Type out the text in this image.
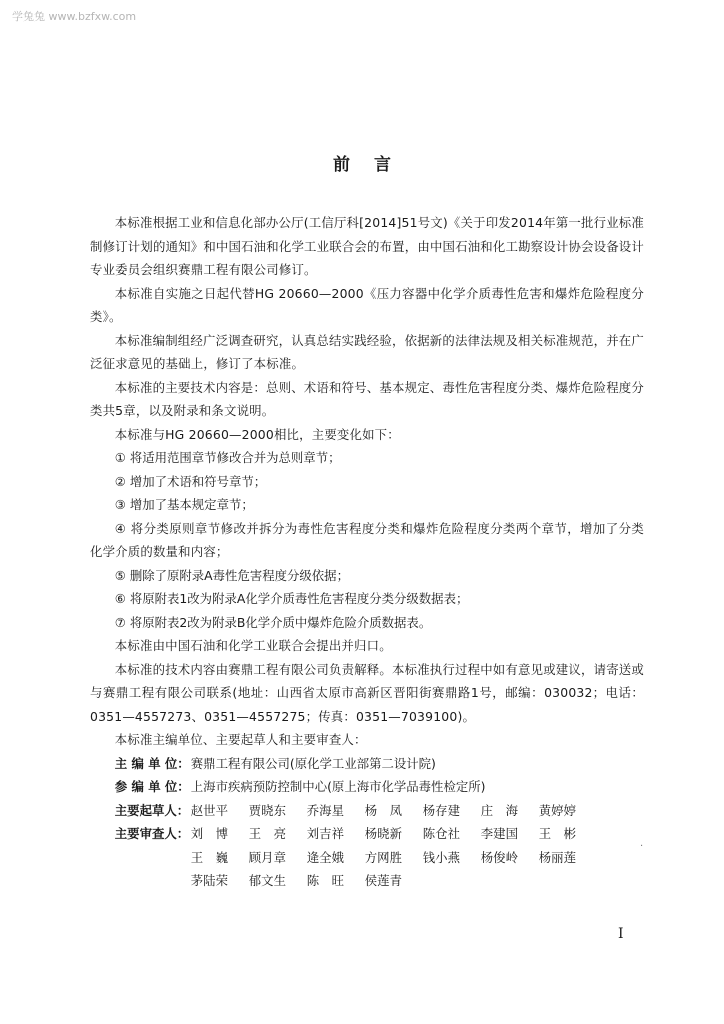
学兔兔 www.bzfxw.com
前言

本标准根据工业和信息化部办公厅(工信厅科[2014]51号文)《关于印发2014年第一批行业标准制修订计划的通知》和中国石油和化学工业联合会的布置，由中国石油和化工勘察设计协会设备设计专业委员会组织赛鼎工程有限公司修订。

本标准自实施之日起代替HG 20660—2000《压力容器中化学介质毒性危害和爆炸危险程度分类》。

本标准编制组经广泛调查研究，认真总结实践经验，依据新的法律法规及相关标准规范，并在广泛征求意见的基础上，修订了本标准。

本标准的主要技术内容是：总则、术语和符号、基本规定、毒性危害程度分类、爆炸危险程度分类共5章，以及附录和条文说明。

本标准与HG 20660—2000相比，主要变化如下：

① 将适用范围章节修改合并为总则章节；

② 增加了术语和符号章节；

③ 增加了基本规定章节；

④ 将分类原则章节修改并拆分为毒性危害程度分类和爆炸危险程度分类两个章节，增加了分类化学介质的数量和内容；

⑤ 删除了原附录A毒性危害程度分级依据；

⑥ 将原附表1改为附录A化学介质毒性危害程度分类分级数据表；

⑦ 将原附表2改为附录B化学介质中爆炸危险介质数据表。

本标准由中国石油和化学工业联合会提出并归口。

本标准的技术内容由赛鼎工程有限公司负责解释。本标准执行过程中如有意见或建议，请寄送或与赛鼎工程有限公司联系(地址：山西省太原市高新区晋阳街赛鼎路1号，邮编：030032；电话：0351—4557273、0351—4557275；传真：0351—7039100)。

本标准主编单位、主要起草人和主要审查人：

主 编 单 位： 赛鼎工程有限公司(原化学工业部第二设计院)
参 编 单 位： 上海市疾病预防控制中心(原上海市化学品毒性检定所)
主要起草人： 赵世平	贾晓东	乔海星	杨　凤	杨存建	庄　海	黄婷婷
主要审查人： 刘　博	王　亮	刘吉祥	杨晓新	陈仓社	李建国	王　彬
王　巍	顾月章	逄全娥	方网胜	钱小燕	杨俊岭	杨丽莲
茅陆荣	郁文生	陈　旺	侯莲青
.
I
